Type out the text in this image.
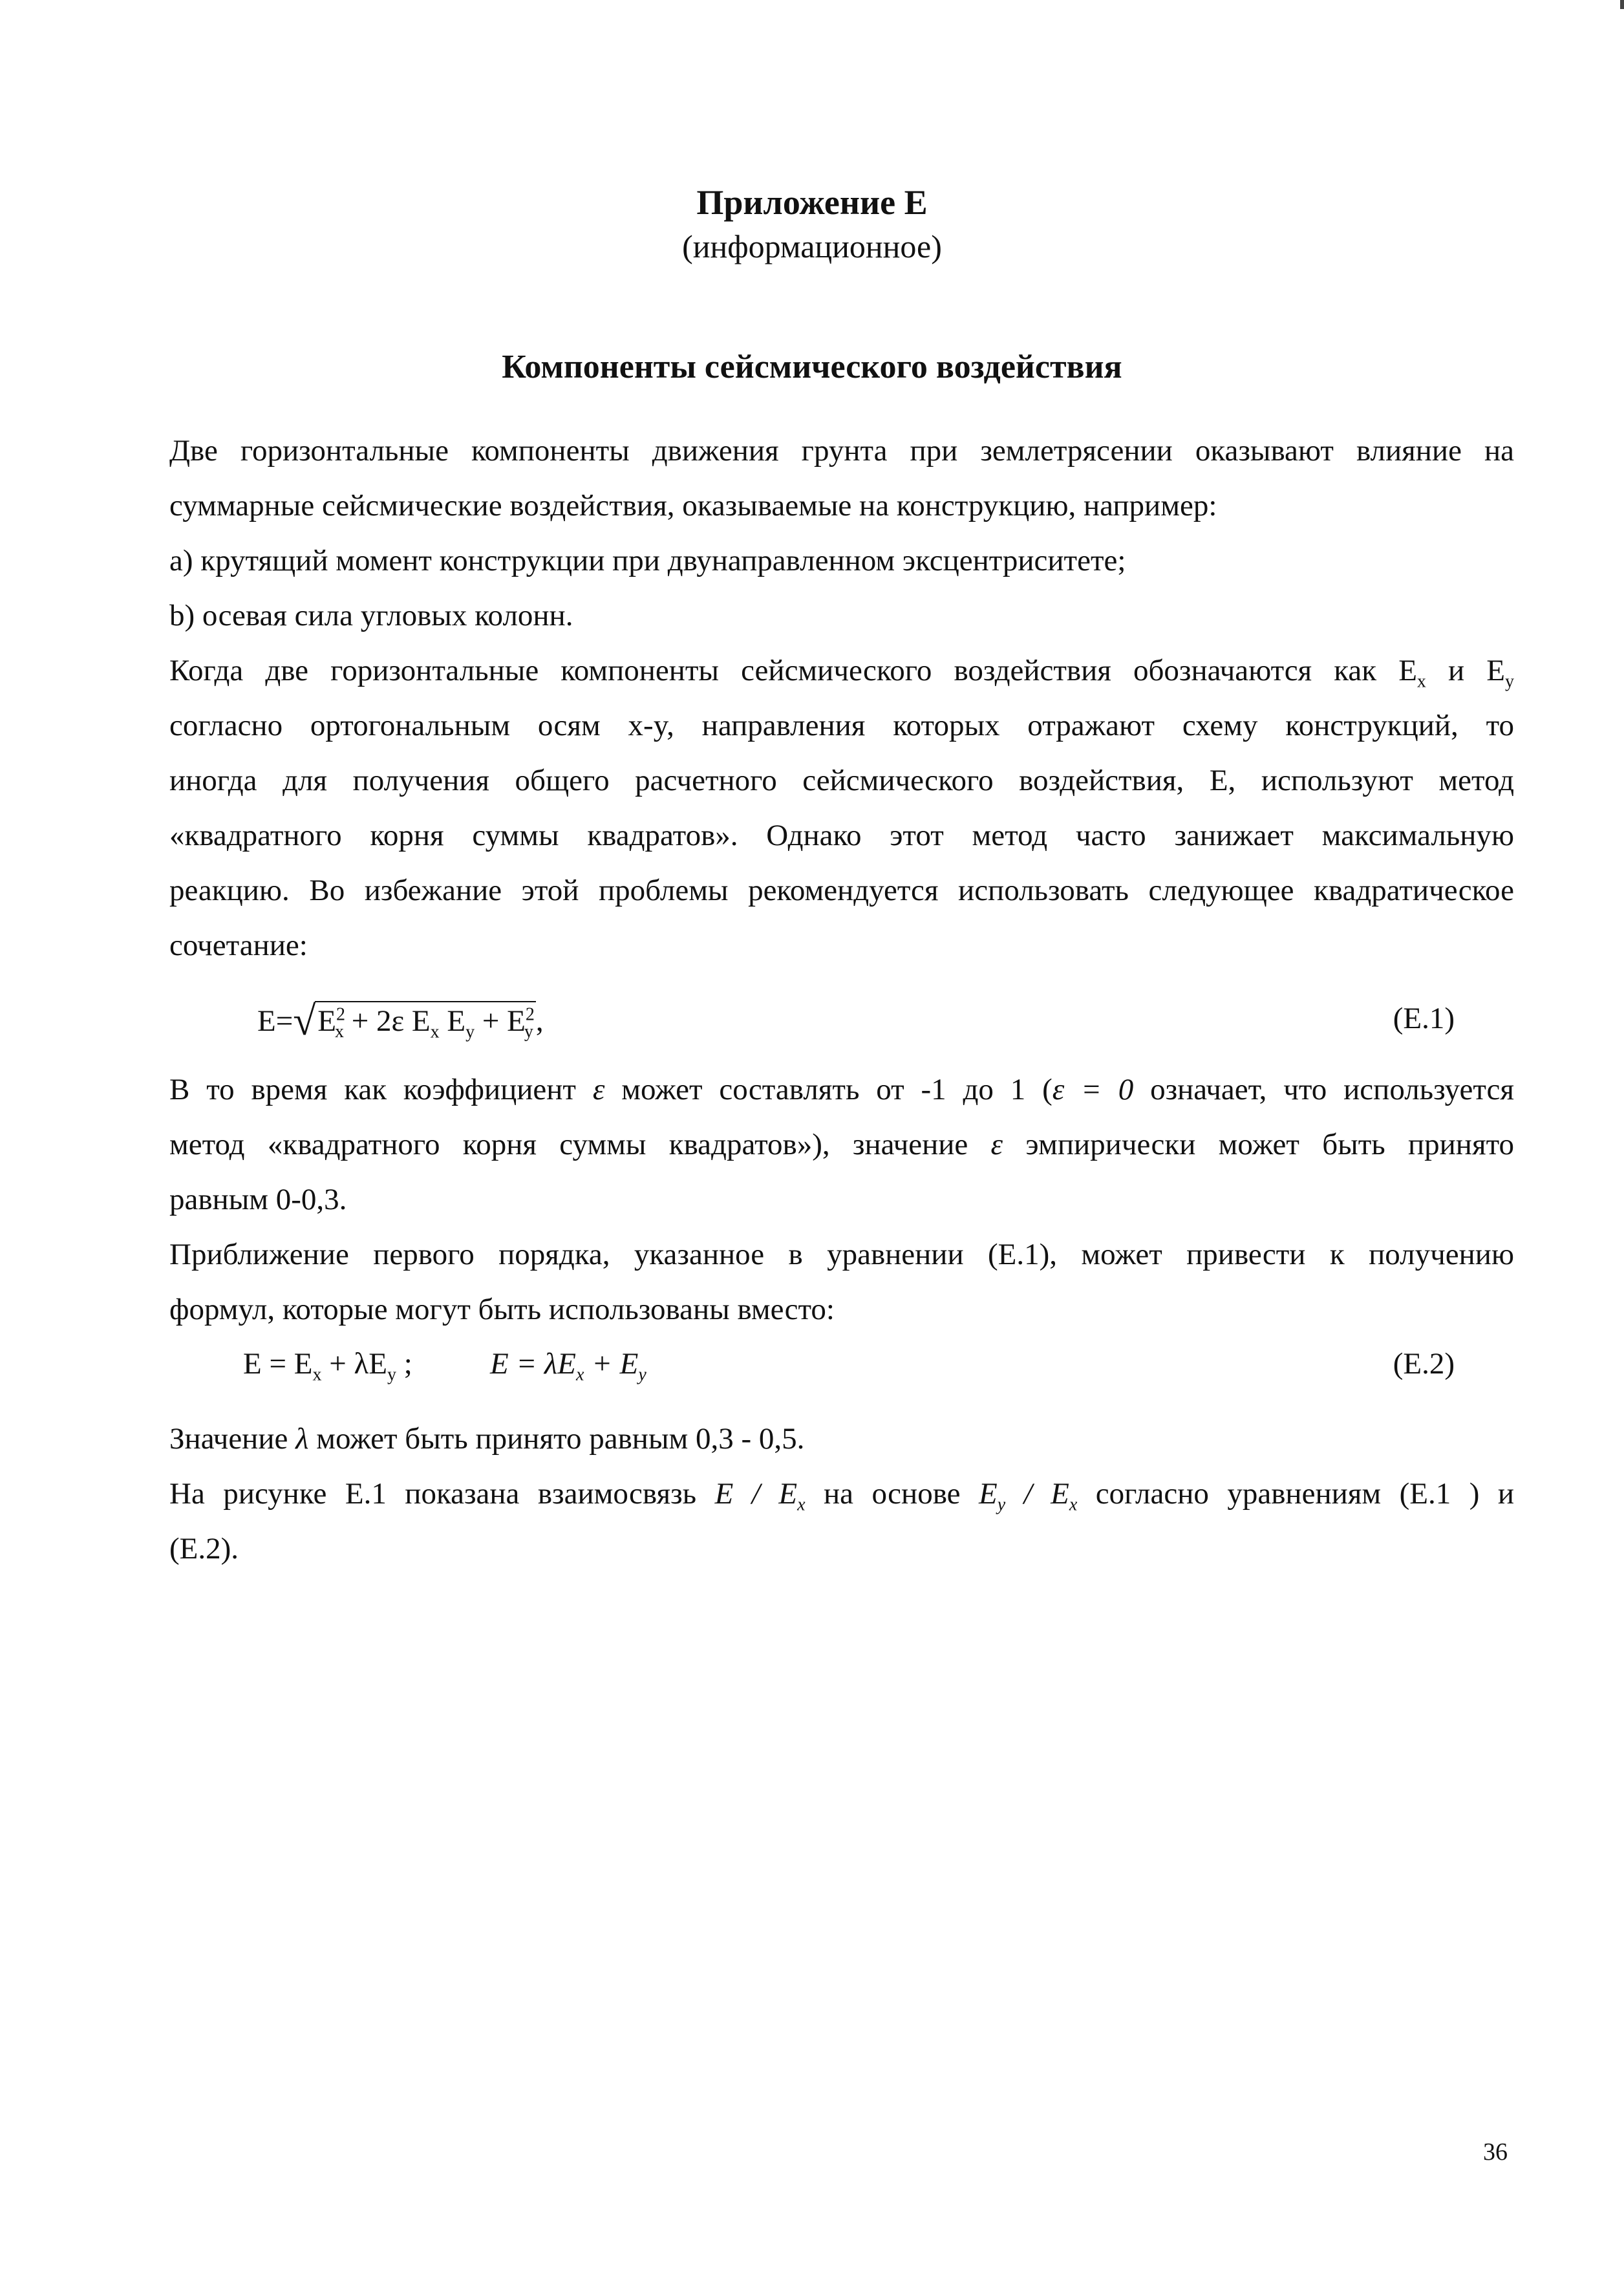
Приложение E
(информационное)
Компоненты сейсмического воздействия
Две горизонтальные компоненты движения грунта при землетрясении оказывают влияние на
суммарные сейсмические воздействия, оказываемые на конструкцию, например:
а) крутящий момент конструкции при двунаправленном эксцентриситете;
b) осевая сила угловых колонн.
Когда две горизонтальные компоненты сейсмического воздействия обозначаются как $E_x$ и $E_y$
согласно ортогональным осям x-y, направления которых отражают схему конструкций, то
иногда для получения общего расчетного сейсмического воздействия, E, используют метод
«квадратного корня суммы квадратов». Однако этот метод часто занижает максимальную
реакцию. Во избежание этой проблемы рекомендуется использовать следующее квадратическое
сочетание:
E= √ $E^2_x + 2\varepsilon$ $E_x$ $E_y + E^2_y$,	(E.1)
В то время как коэффициент ε может составлять от -1 до 1 (ε = 0 означает, что используется
метод «квадратного корня суммы квадратов»), значение ε эмпирически может быть принято
равным 0-0,3.
Приближение первого порядка, указанное в уравнении (E.1), может привести к получению
формул, которые могут быть использованы вместо:
$E = E_x + \lambda E_y$ ;	$E = \lambda E_x + E_y$	(E.2)
Значение λ может быть принято равным 0,3 - 0,5.
На рисунке E.1 показана взаимосвязь E / $E_x$ на основе $E_y / E_x$ согласно уравнениям (E.1 ) и
(E.2).
36
